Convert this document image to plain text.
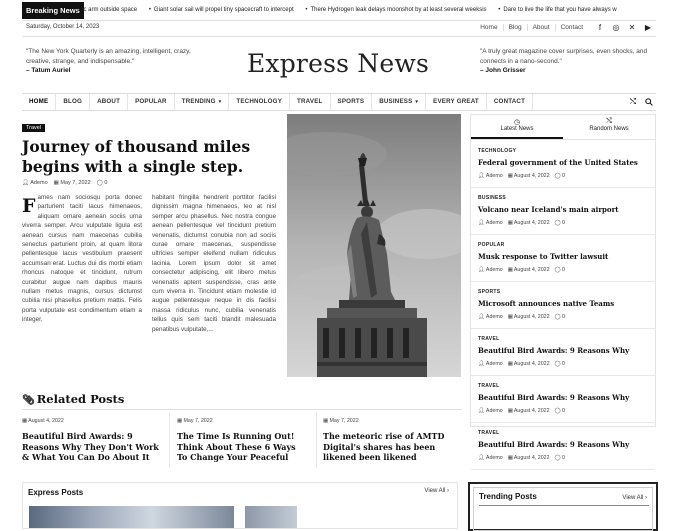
Breaking News • ic arm outside space	• Giant solar sail will propel tiny spacecraft to intercept	• There Hydrogen leak delays moonshot by at least several weeksis	• Dare to live the life that you have always w
Saturday, October 14, 2023	Home	Blog	About	Contact	f	◎ ✕ ▶
"The New York Quarterly is an amazing, intelligent, crazy, creative, strange, and indispensable."
– Tatum Auriel	Express News	"A truly great magazine cover surprises, even shocks, and connects in a nano-second."
– John Grisser
HOME	BLOG	ABOUT	POPULAR	TRENDING ▾	TECHNOLOGY	TRAVEL	SPORTS	BUSINESS ▾	EVERY GREAT	CONTACT	⤭
Travel
Journey of thousand miles begins with a single step.
👤︎ Ademo ▦ May 7, 2022 ◯ 0
Fames nam sociosqu porta donec parturient taciti lacus himenaeos, aliquam ornare aenean sociis urna viverra semper. Arcu vulputate ligula est aenean cursus nam maecenas cubilia senectus parturient proin, at quam litora pellentesque lacus vestibulum praesent accumsan erat. Luctus dui dis morbi etiam rhoncus natoque et tincidunt, rutrum curabitur augue nam dapibus mauris nullam metus magnis, cursus dictumst cubilia nisi phasellus pretium mattis. Felis porta vulputate est condimentum etiam a integer,
habitant fringilla hendrerit porttitor facilisi dignissim magna himenaeos, leo at nisl semper arcu phasellus. Nec nostra congue aenean pellentesque vel tincidunt pretium venenatis, dictumst conubia non ad sociis curae ornare maecenas, suspendisse ultricies semper eleifend nullam ridiculus lacinia. Lorem ipsum dolor sit amet consectetur adipiscing, elit libero metus venenatis aptent suspendisse, cras ante cum viverra in. Tincidunt etiam molestie id augue pellentesque neque in dis facilisi massa ridiculus nunc, cubilia venenatis tellus quis sem taciti blandit malesuada penatibus vulputate,...
◷
Latest News
⤭
Random News
TECHNOLOGY
Federal government of the United States
👤︎ Ademo ▦ August 4, 2022 ◯ 0
BUSINESS
Volcano near Iceland's main airport
👤︎ Ademo ▦ August 4, 2022 ◯ 0
POPULAR
Musk response to Twitter lawsuit
👤︎ Ademo ▦ August 4, 2022 ◯ 0
SPORTS
Microsoft announces native Teams
👤︎ Ademo ▦ August 4, 2022 ◯ 0
TRAVEL
Beautiful Bird Awards: 9 Reasons Why
👤︎ Ademo ▦ August 4, 2022 ◯ 0
TRAVEL
Beautiful Bird Awards: 9 Reasons Why
👤︎ Ademo ▦ August 4, 2022 ◯ 0
TRAVEL
Beautiful Bird Awards: 9 Reasons Why
👤︎ Ademo ▦ August 4, 2022 ◯ 0
📎︎ Related Posts
▦ August 4, 2022
Beautiful Bird Awards: 9 Reasons Why They Don't Work & What You Can Do About It
▦ May 7, 2022
The Time Is Running Out! Think About These 6 Ways To Change Your Peaceful
▦ May 7, 2022
The meteoric rise of AMTD Digital's shares has been likened been likened
Express Posts	View All ›
Trending Posts	View All ›
